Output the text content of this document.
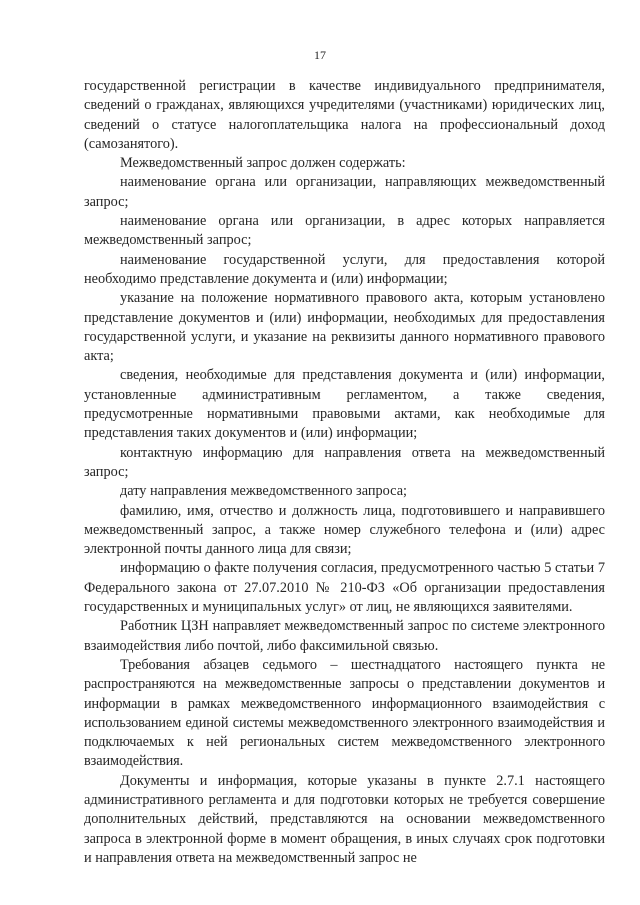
17

государственной регистрации в качестве индивидуального предпринимателя, сведений о гражданах, являющихся учредителями (участниками) юридических лиц, сведений о статусе налогоплательщика налога на профессиональный доход (самозанятого).

Межведомственный запрос должен содержать:

наименование органа или организации, направляющих межведомственный запрос;

наименование органа или организации, в адрес которых направляется межведомственный запрос;

наименование государственной услуги, для предоставления которой необходимо представление документа и (или) информации;

указание на положение нормативного правового акта, которым установлено представление документов и (или) информации, необходимых для предоставления государственной услуги, и указание на реквизиты данного нормативного правового акта;

сведения, необходимые для представления документа и (или) информации, установленные административным регламентом, а также сведения, предусмотренные нормативными правовыми актами, как необходимые для представления таких документов и (или) информации;

контактную информацию для направления ответа на межведомственный запрос;

дату направления межведомственного запроса;

фамилию, имя, отчество и должность лица, подготовившего и направившего межведомственный запрос, а также номер служебного телефона и (или) адрес электронной почты данного лица для связи;

информацию о факте получения согласия, предусмотренного частью 5 статьи 7 Федерального закона от 27.07.2010 № 210-ФЗ «Об организации предоставления государственных и муниципальных услуг» от лиц, не являющихся заявителями.

Работник ЦЗН направляет межведомственный запрос по системе электронного взаимодействия либо почтой, либо факсимильной связью.

Требования абзацев седьмого – шестнадцатого настоящего пункта не распространяются на межведомственные запросы о представлении документов и информации в рамках межведомственного информационного взаимодействия с использованием единой системы межведомственного электронного взаимодействия и подключаемых к ней региональных систем межведомственного электронного взаимодействия.

Документы и информация, которые указаны в пункте 2.7.1 настоящего административного регламента и для подготовки которых не требуется совершение дополнительных действий, представляются на основании межведомственного запроса в электронной форме в момент обращения, в иных случаях срок подготовки и направления ответа на межведомственный запрос не
